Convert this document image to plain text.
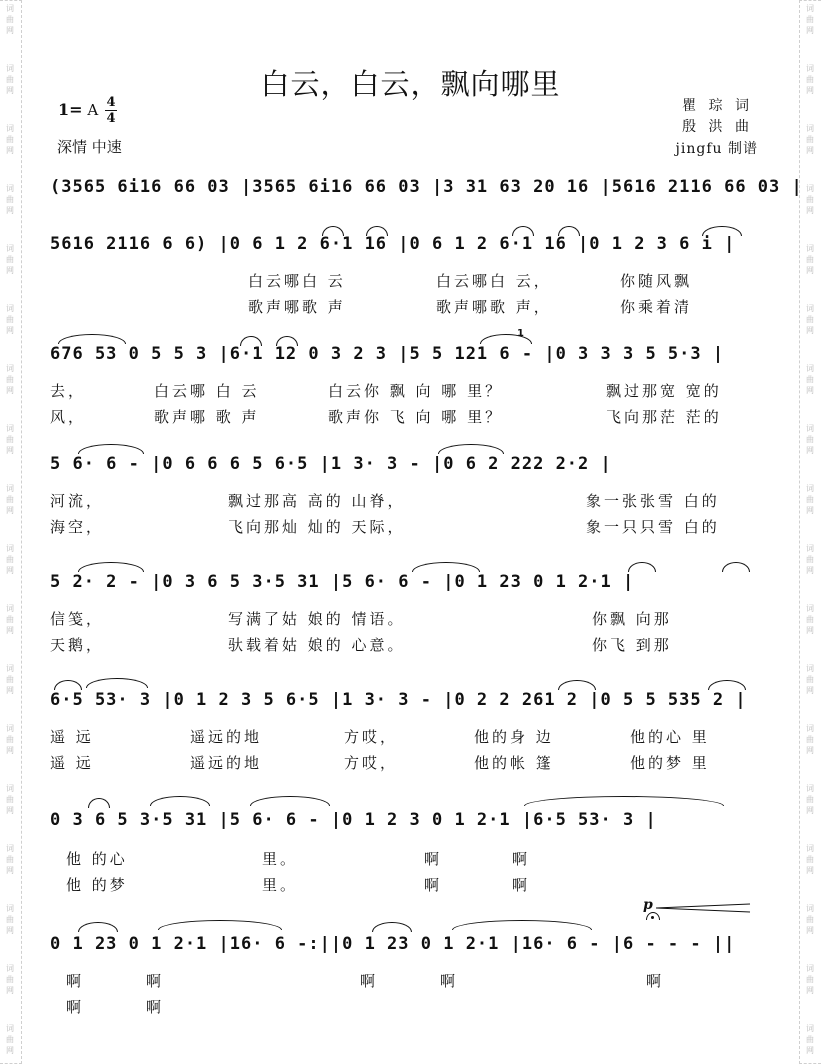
词
曲
网
词
曲
网
词
曲
网
词
曲
网
词
曲
网
词
曲
网
词
曲
网
词
曲
网
词
曲
网
词
曲
网
词
曲
网
词
曲
网
词
曲
网
词
曲
网
词
曲
网
词
曲
网
词
曲
网
词
曲
网
词
曲
网
词
曲
网
词
曲
网
词
曲
网
词
曲
网
词
曲
网
词
曲
网
词
曲
网
词
曲
网
词
曲
网
词
曲
网
词
曲
网
词
曲
网
词
曲
网
词
曲
网
词
曲
网
词
曲
网
词
曲
网
白云，白云，飘向哪里
1= A 4
4
深情 中速
瞿 琮 词
殷 洪 曲
jingfu 制谱
(3565 6i16 66 03 |3565 6i16 66 03 |3 31 63 20 16 |5616 2116 66 03 |
5616 2116 6 6) |0 6 1 2 6·1 16 |0 6 1 2 6·1 16 |0 1 2 3 6 i |
676 53 0 5 5 3 |6·1 12 0 3 2 3 |5 5 121 6 - |0 3 3 3 5 5·3 |
1
5 6· 6 - |0 6 6 6 5 6·5 |1 3· 3 - |0 6 2 222 2·2 |
5 2· 2 - |0 3 6 5 3·5 31 |5 6· 6 - |0 1 23 0 1 2·1 |
6·5 53· 3 |0 1 2 3 5 6·5 |1 3· 3 - |0 2 2 261 2 |0 5 5 535 2 |
0 3 6 5 3·5 31 |5 6· 6 - |0 1 2 3 0 1 2·1 |6·5 53· 3 |
0 1 23 0 1 2·1 |16· 6 -:||0 1 23 0 1 2·1 |16· 6 - |6 - - - ||
p
白云哪白 云	白云哪白 云，	你随风飘
歌声哪歌 声	歌声哪歌 声，	你乘着清
去，	白云哪 白 云	白云你 飘 向 哪 里？	飘过那宽 宽的
风，	歌声哪 歌 声	歌声你 飞 向 哪 里？	飞向那茫 茫的
河流，	飘过那高 高的 山脊，	象一张张雪 白的
海空，	飞向那灿 灿的 天际，	象一只只雪 白的
信笺，	写满了姑 娘的 情语。	你飘 向那
天鹅，	驮载着姑 娘的 心意。	你飞 到那
遥 远	遥远的地	方哎，	他的身 边	他的心 里
遥 远	遥远的地	方哎，	他的帐 篷	他的梦 里
他 的心	里。	啊	啊
他 的梦	里。	啊	啊
啊	啊	啊	啊	啊
啊	啊
